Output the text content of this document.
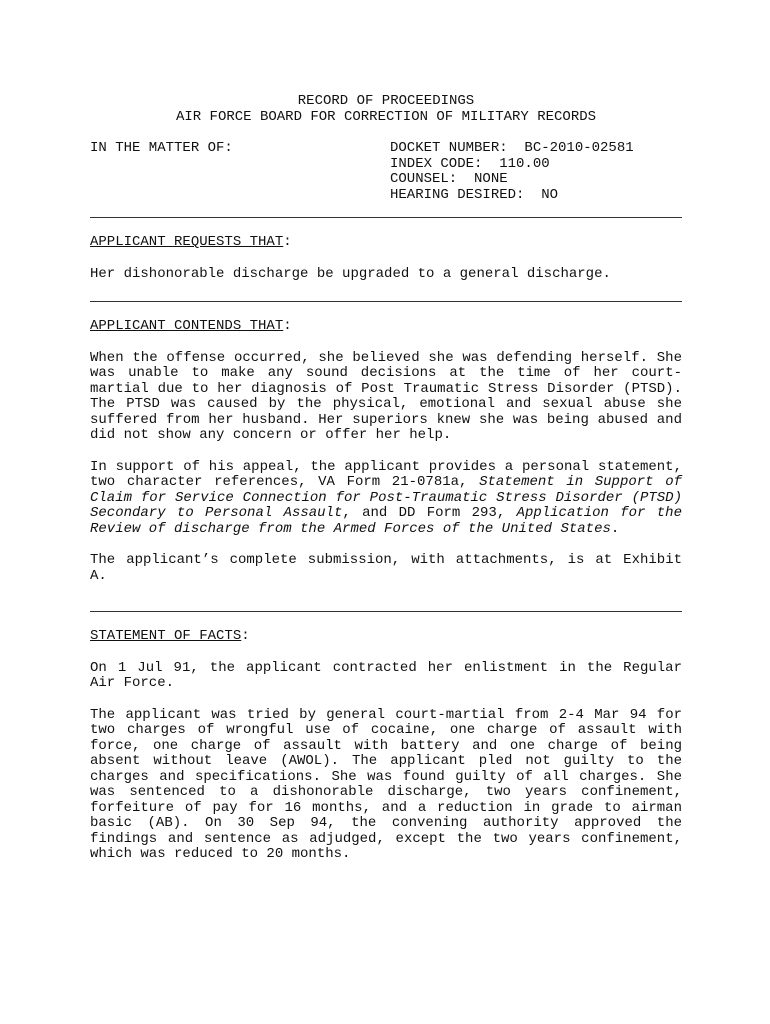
RECORD OF PROCEEDINGS
AIR FORCE BOARD FOR CORRECTION OF MILITARY RECORDS
IN THE MATTER OF:	DOCKET NUMBER:  BC-2010-02581
INDEX CODE:  110.00
COUNSEL:  NONE
HEARING DESIRED:  NO
APPLICANT REQUESTS THAT:

Her dishonorable discharge be upgraded to a general discharge.

APPLICANT CONTENDS THAT:

When the offense occurred, she believed she was defending herself. She was unable to make any sound decisions at the time of her court-martial due to her diagnosis of Post Traumatic Stress Disorder (PTSD). The PTSD was caused by the physical, emotional and sexual abuse she suffered from her husband. Her superiors knew she was being abused and did not show any concern or offer her help.

In support of his appeal, the applicant provides a personal statement, two character references, VA Form 21-0781a, Statement in Support of Claim for Service Connection for Post-Traumatic Stress Disorder (PTSD) Secondary to Personal Assault, and DD Form 293, Application for the Review of discharge from the Armed Forces of the United States.

The applicant’s complete submission, with attachments, is at Exhibit A.

STATEMENT OF FACTS:

On 1 Jul 91, the applicant contracted her enlistment in the Regular Air Force.

The applicant was tried by general court-martial from 2-4 Mar 94 for two charges of wrongful use of cocaine, one charge of assault with force, one charge of assault with battery and one charge of being absent without leave (AWOL). The applicant pled not guilty to the charges and specifications. She was found guilty of all charges. She was sentenced to a dishonorable discharge, two years confinement, forfeiture of pay for 16 months, and a reduction in grade to airman basic (AB). On 30 Sep 94, the convening authority approved the findings and sentence as adjudged, except the two years confinement, which was reduced to 20 months.
